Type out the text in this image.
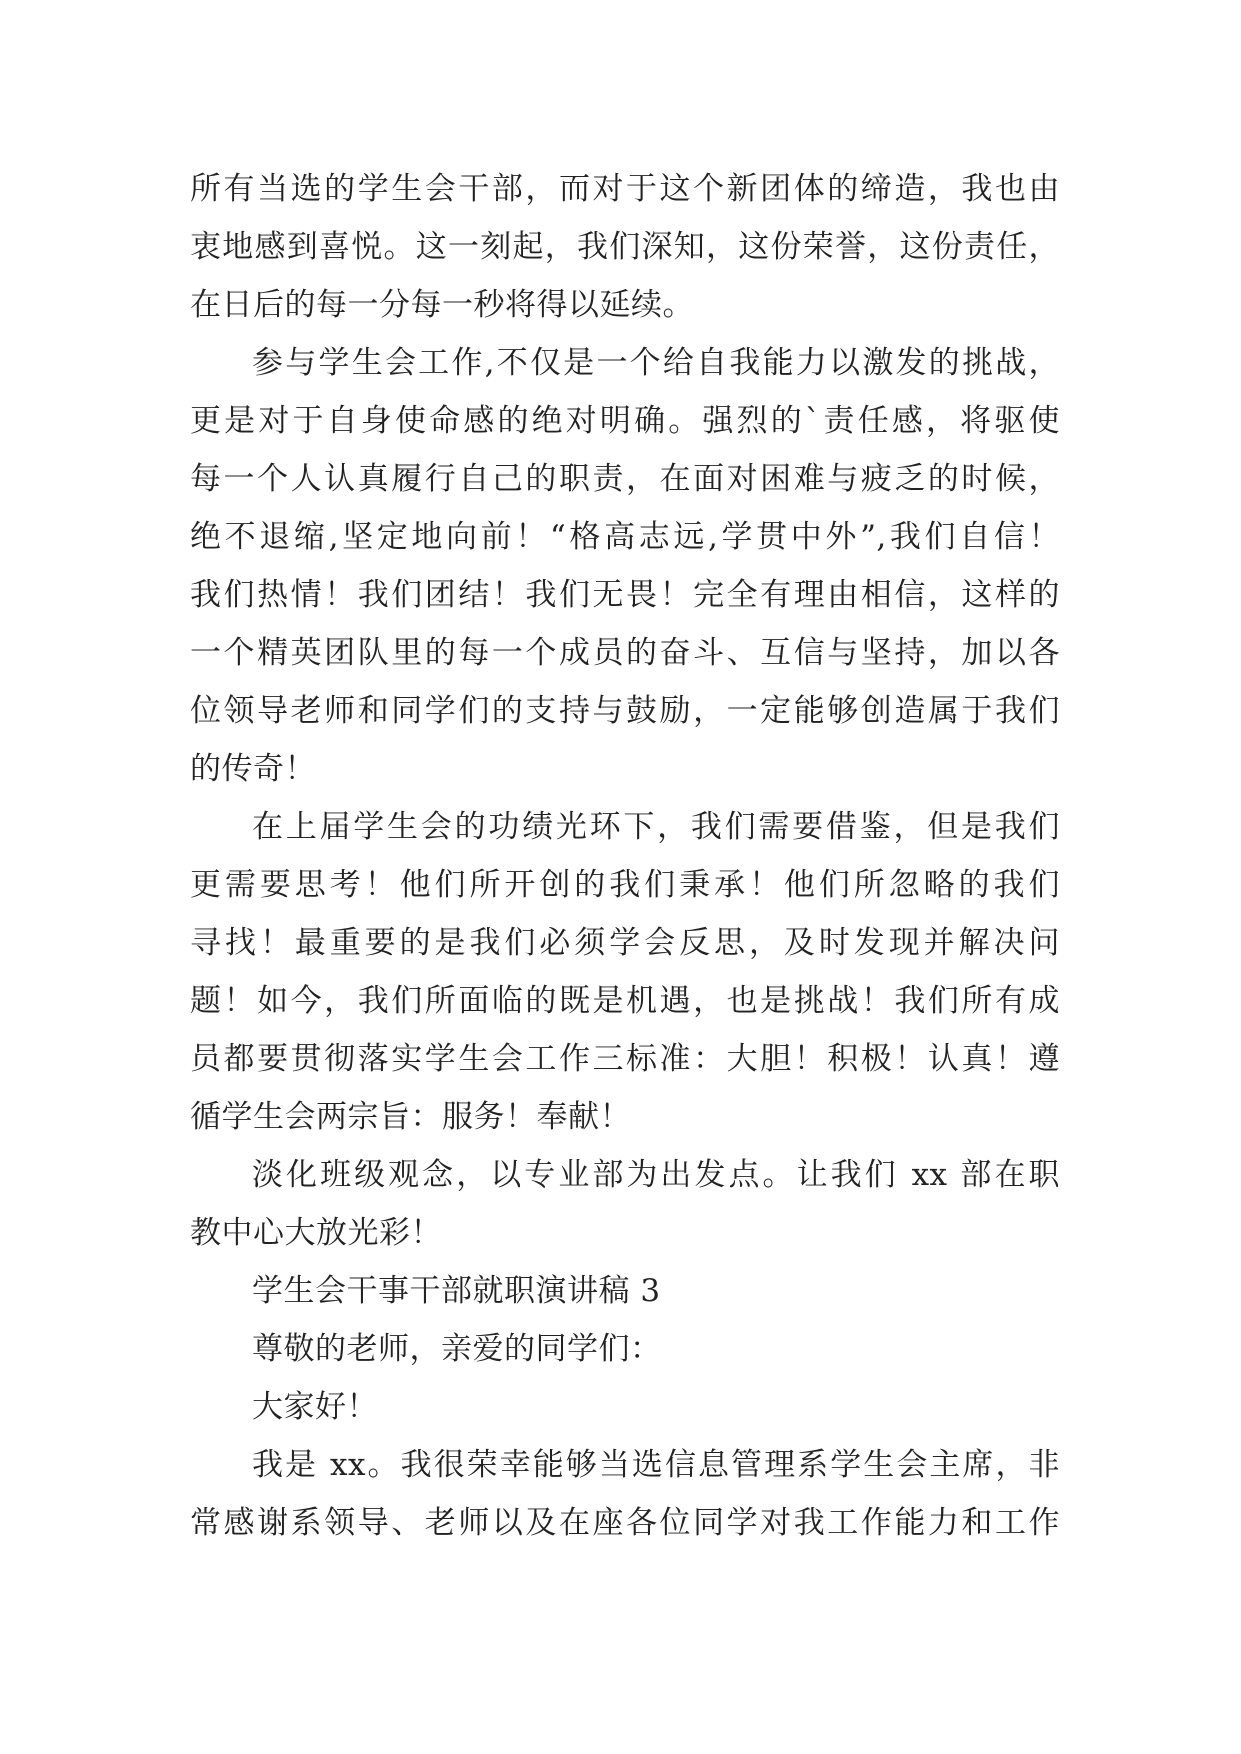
所有当选的学生会干部，而对于这个新团体的缔造，我也由
衷地感到喜悦。这一刻起，我们深知，这份荣誉，这份责任，
在日后的每一分每一秒将得以延续。
参与学生会工作,不仅是一个给自我能力以激发的挑战，
更是对于自身使命感的绝对明确。强烈的`责任感，将驱使
每一个人认真履行自己的职责，在面对困难与疲乏的时候，
绝不退缩,坚定地向前！“格高志远,学贯中外”,我们自信！
我们热情！我们团结！我们无畏！完全有理由相信，这样的
一个精英团队里的每一个成员的奋斗、互信与坚持，加以各
位领导老师和同学们的支持与鼓励，一定能够创造属于我们
的传奇！
在上届学生会的功绩光环下，我们需要借鉴，但是我们
更需要思考！他们所开创的我们秉承！他们所忽略的我们
寻找！最重要的是我们必须学会反思，及时发现并解决问
题！如今，我们所面临的既是机遇，也是挑战！我们所有成
员都要贯彻落实学生会工作三标准：大胆！积极！认真！遵
循学生会两宗旨：服务！奉献！
淡化班级观念，以专业部为出发点。让我们 xx 部在职
教中心大放光彩！
学生会干事干部就职演讲稿 3
尊敬的老师，亲爱的同学们：
大家好！
我是 xx。我很荣幸能够当选信息管理系学生会主席，非
常感谢系领导、老师以及在座各位同学对我工作能力和工作
